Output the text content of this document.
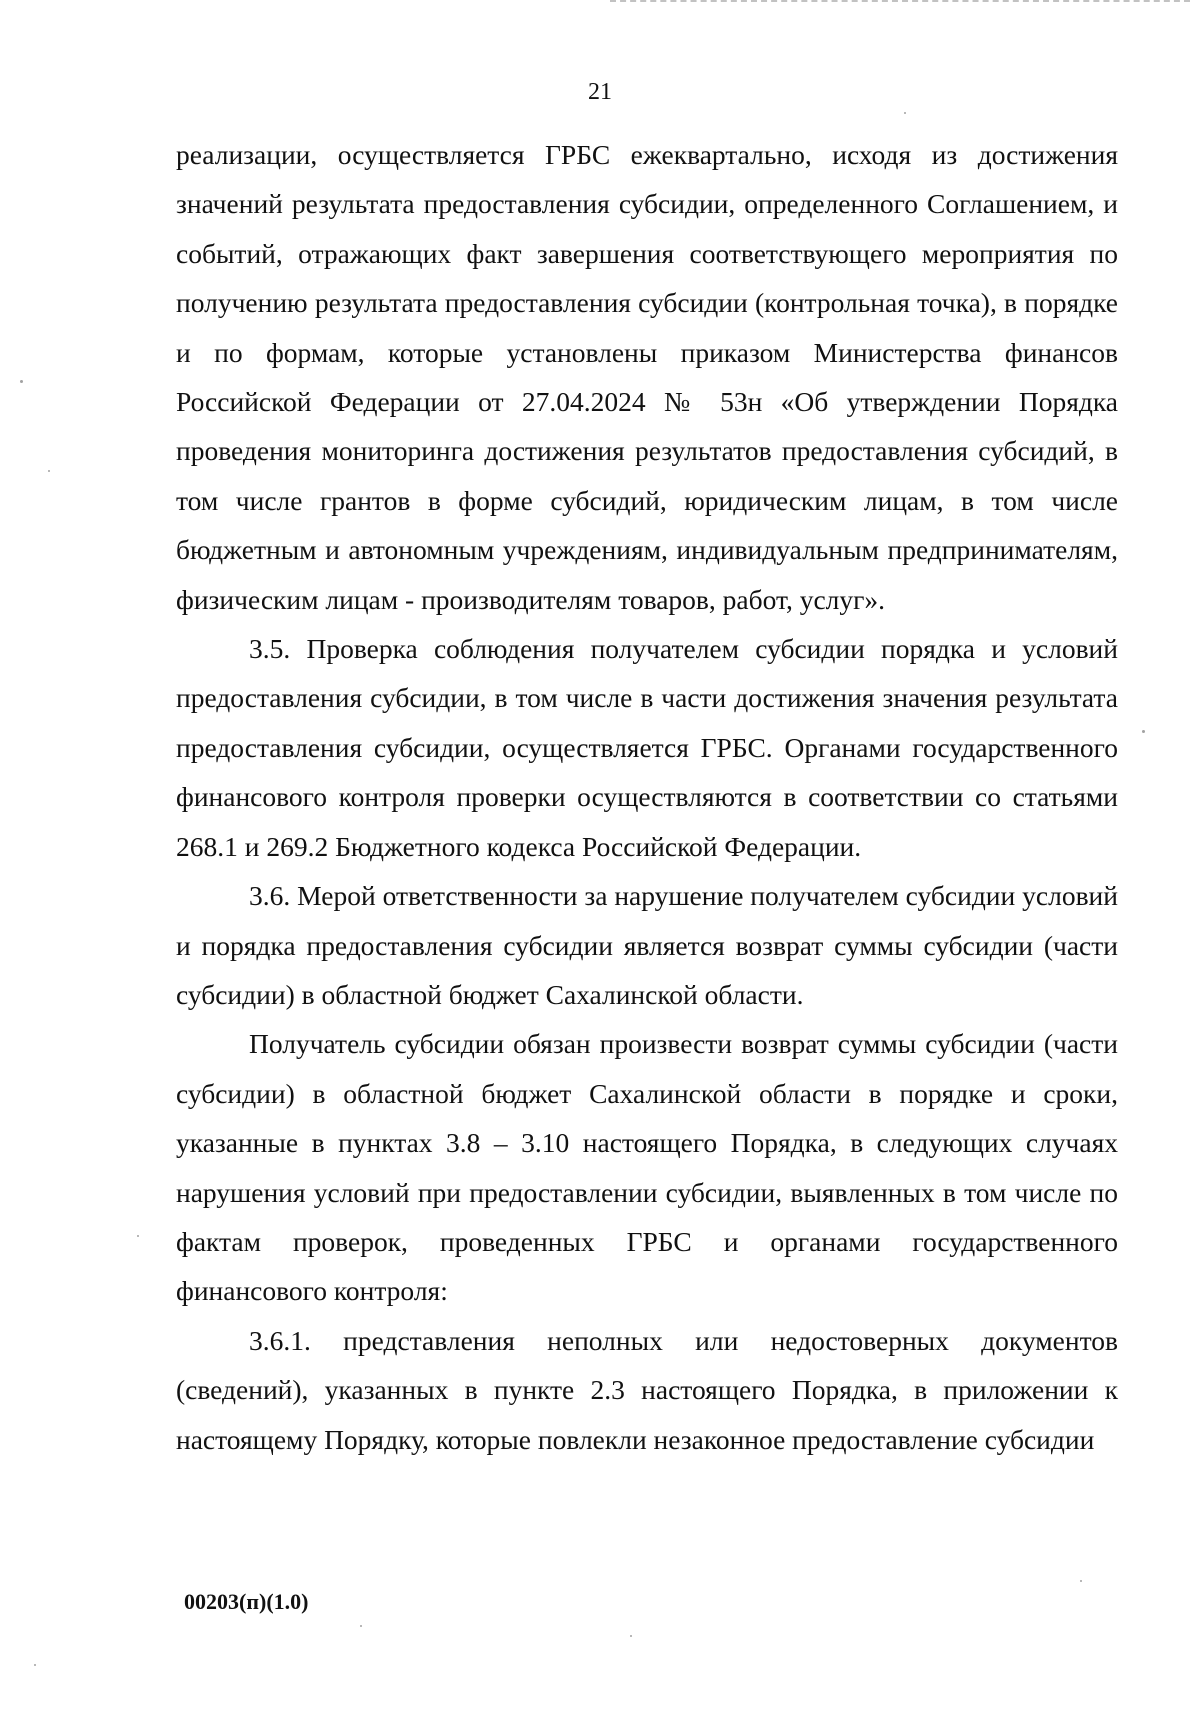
21

реализации, осуществляется ГРБС ежеквартально, исходя из достижения значений результата предоставления субсидии, определенного Соглашением, и событий, отражающих факт завершения соответствующего мероприятия по получению результата предоставления субсидии (контрольная точка), в порядке и по формам, которые установлены приказом Министерства финансов Российской Федерации от 27.04.2024 № 53н «Об утверждении Порядка проведения мониторинга достижения результатов предоставления субсидий, в том числе грантов в форме субсидий, юридическим лицам, в том числе бюджетным и автономным учреждениям, индивидуальным предпринимателям, физическим лицам - производителям товаров, работ, услуг».

3.5. Проверка соблюдения получателем субсидии порядка и условий предоставления субсидии, в том числе в части достижения значения результата предоставления субсидии, осуществляется ГРБС. Органами государственного финансового контроля проверки осуществляются в соответствии со статьями 268.1 и 269.2 Бюджетного кодекса Российской Федерации.

3.6. Мерой ответственности за нарушение получателем субсидии условий и порядка предоставления субсидии является возврат суммы субсидии (части субсидии) в областной бюджет Сахалинской области.

Получатель субсидии обязан произвести возврат суммы субсидии (части субсидии) в областной бюджет Сахалинской области в порядке и сроки, указанные в пунктах 3.8 – 3.10 настоящего Порядка, в следующих случаях нарушения условий при предоставлении субсидии, выявленных в том числе по фактам проверок, проведенных ГРБС и органами государственного финансового контроля:

3.6.1. представления неполных или недостоверных документов (сведений), указанных в пункте 2.3 настоящего Порядка, в приложении к настоящему Порядку, которые повлекли незаконное предоставление субсидии

00203(п)(1.0)
